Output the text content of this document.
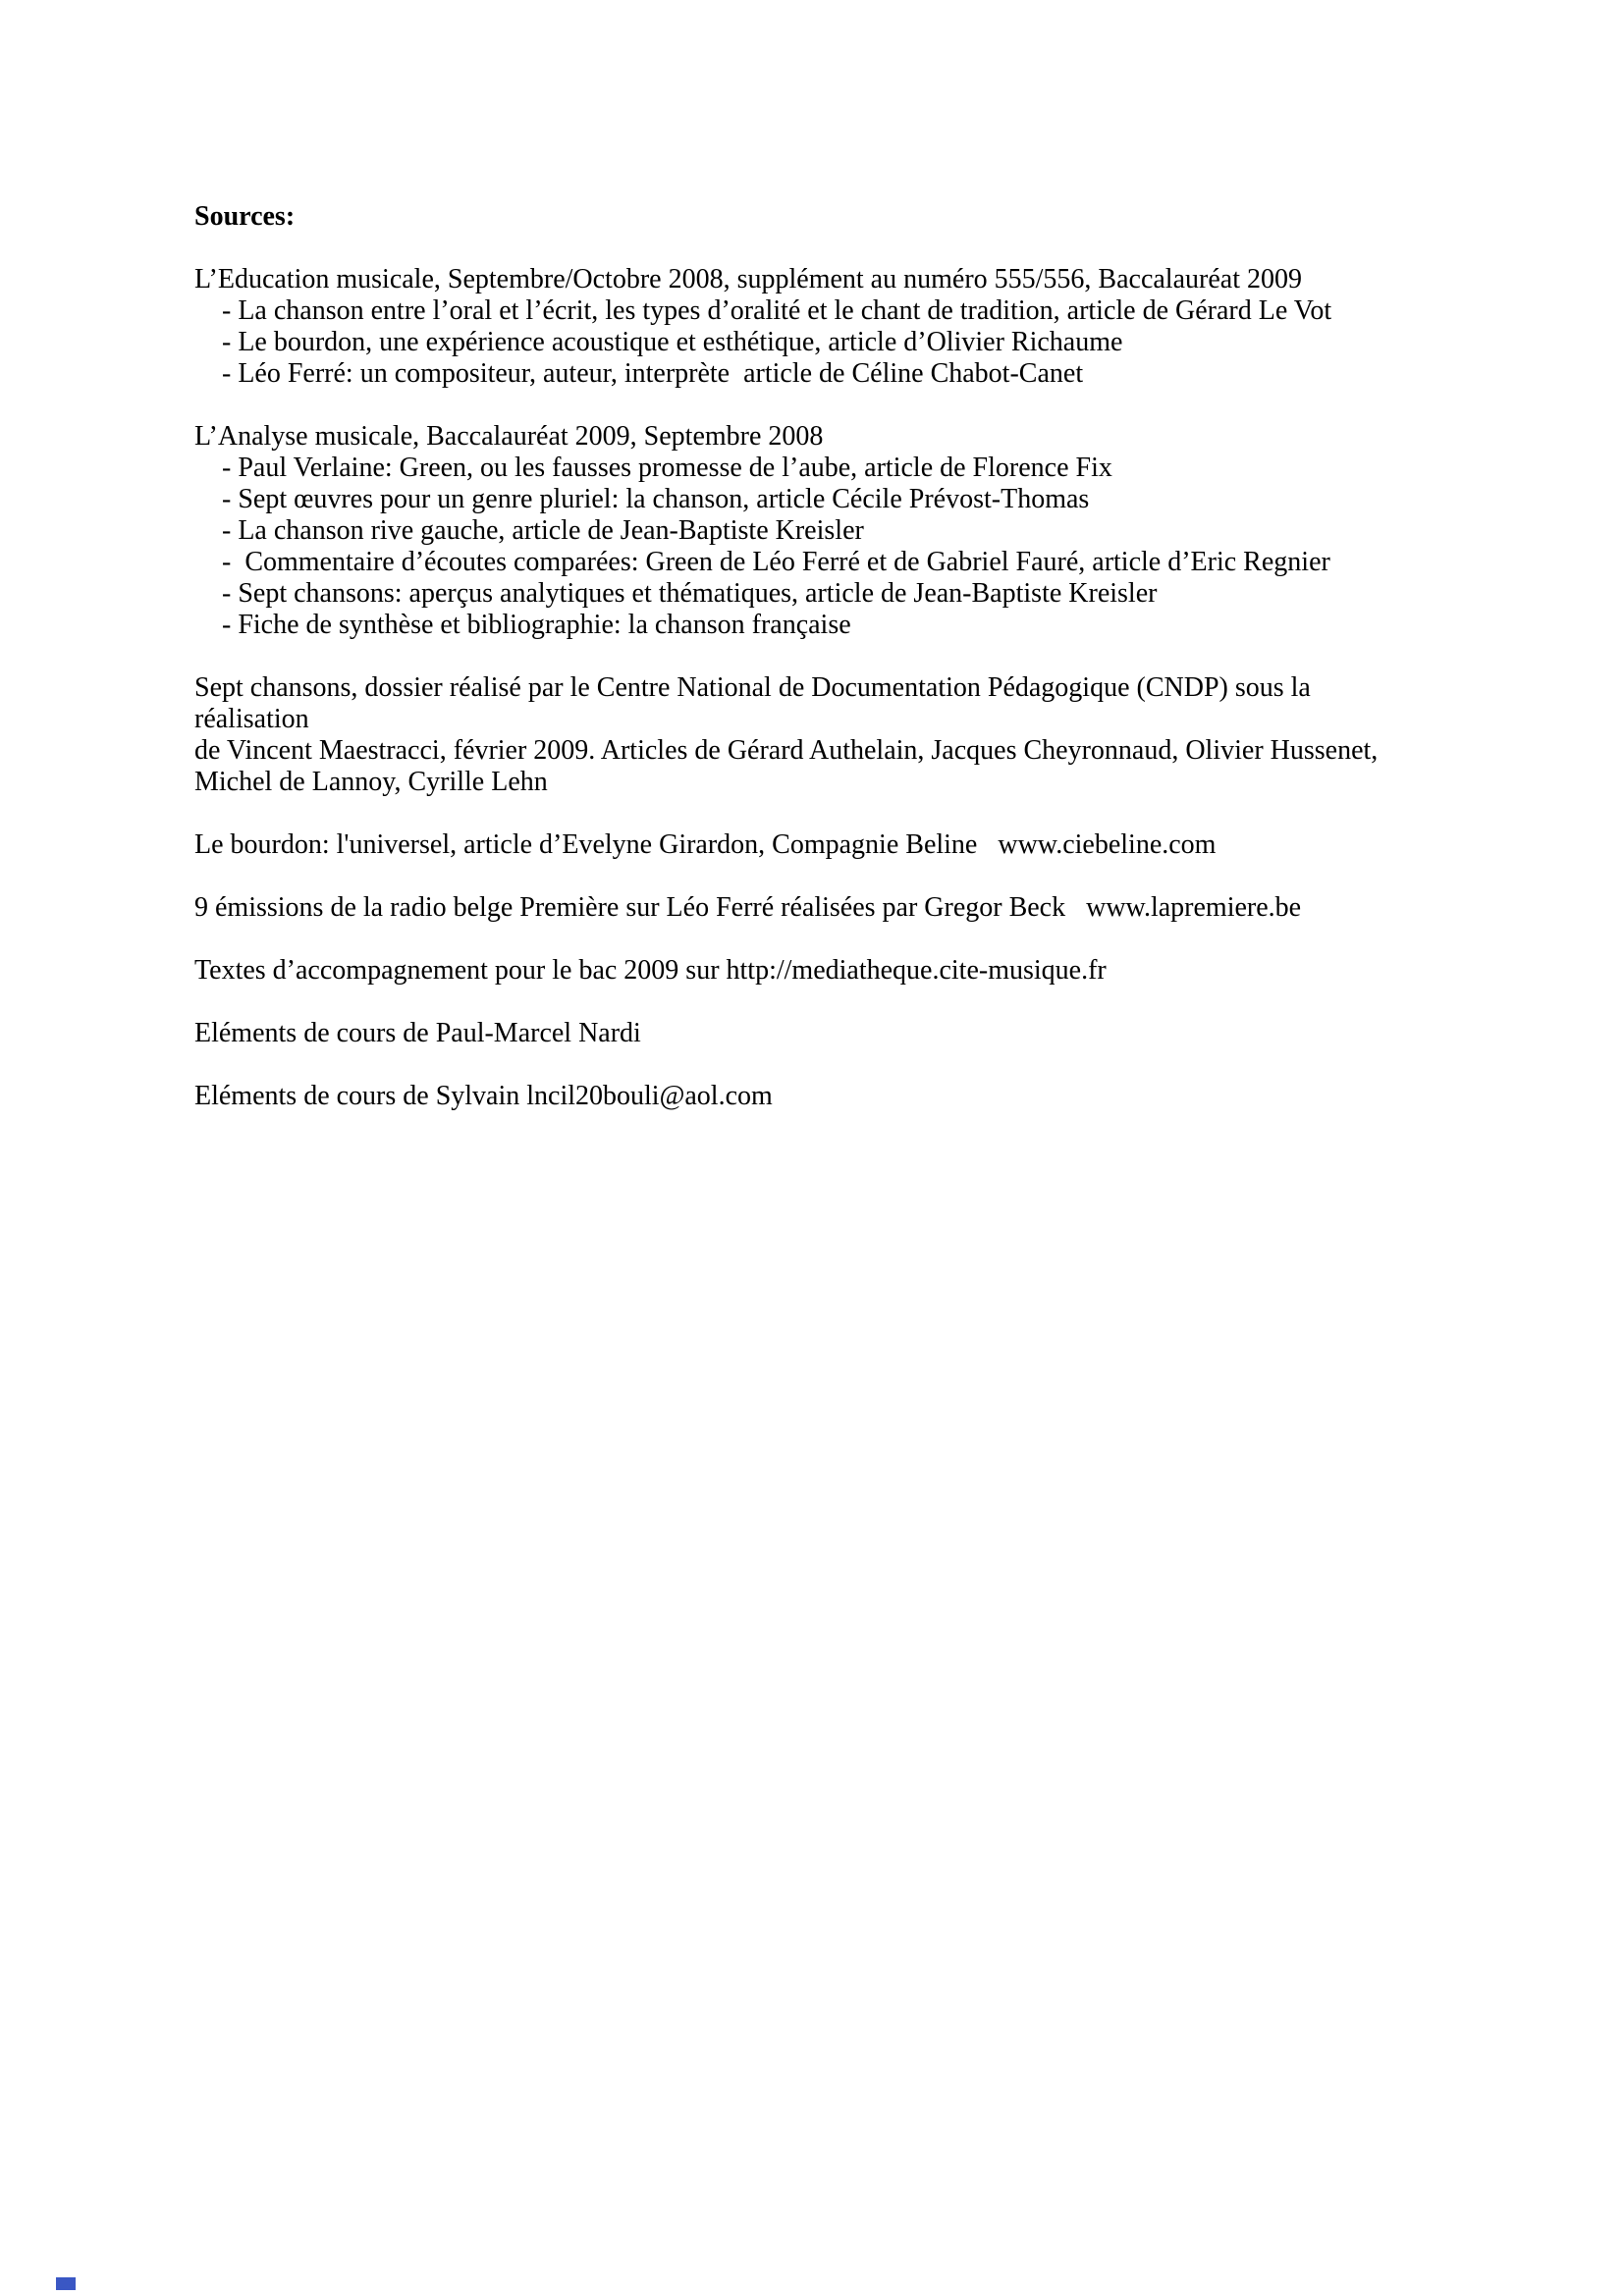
Sources:
L’Education musicale, Septembre/Octobre 2008, supplément au numéro 555/556, Baccalauréat 2009
- La chanson entre l’oral et l’écrit, les types d’oralité et le chant de tradition, article de Gérard Le Vot
- Le bourdon, une expérience acoustique et esthétique, article d’Olivier Richaume
- Léo Ferré: un compositeur, auteur, interprète  article de Céline Chabot-Canet
L’Analyse musicale, Baccalauréat 2009, Septembre 2008
- Paul Verlaine: Green, ou les fausses promesse de l’aube, article de Florence Fix
- Sept œuvres pour un genre pluriel: la chanson, article Cécile Prévost-Thomas
- La chanson rive gauche, article de Jean-Baptiste Kreisler
-  Commentaire d’écoutes comparées: Green de Léo Ferré et de Gabriel Fauré, article d’Eric Regnier
- Sept chansons: aperçus analytiques et thématiques, article de Jean-Baptiste Kreisler
- Fiche de synthèse et bibliographie: la chanson française
Sept chansons, dossier réalisé par le Centre National de Documentation Pédagogique (CNDP) sous la réalisation
de Vincent Maestracci, février 2009. Articles de Gérard Authelain, Jacques Cheyronnaud, Olivier Hussenet,
Michel de Lannoy, Cyrille Lehn
Le bourdon: l'universel, article d’Evelyne Girardon, Compagnie Beline   www.ciebeline.com
9 émissions de la radio belge Première sur Léo Ferré réalisées par Gregor Beck   www.lapremiere.be
Textes d’accompagnement pour le bac 2009 sur http://mediatheque.cite-musique.fr
Eléments de cours de Paul-Marcel Nardi
Eléments de cours de Sylvain lncil20bouli@aol.com
